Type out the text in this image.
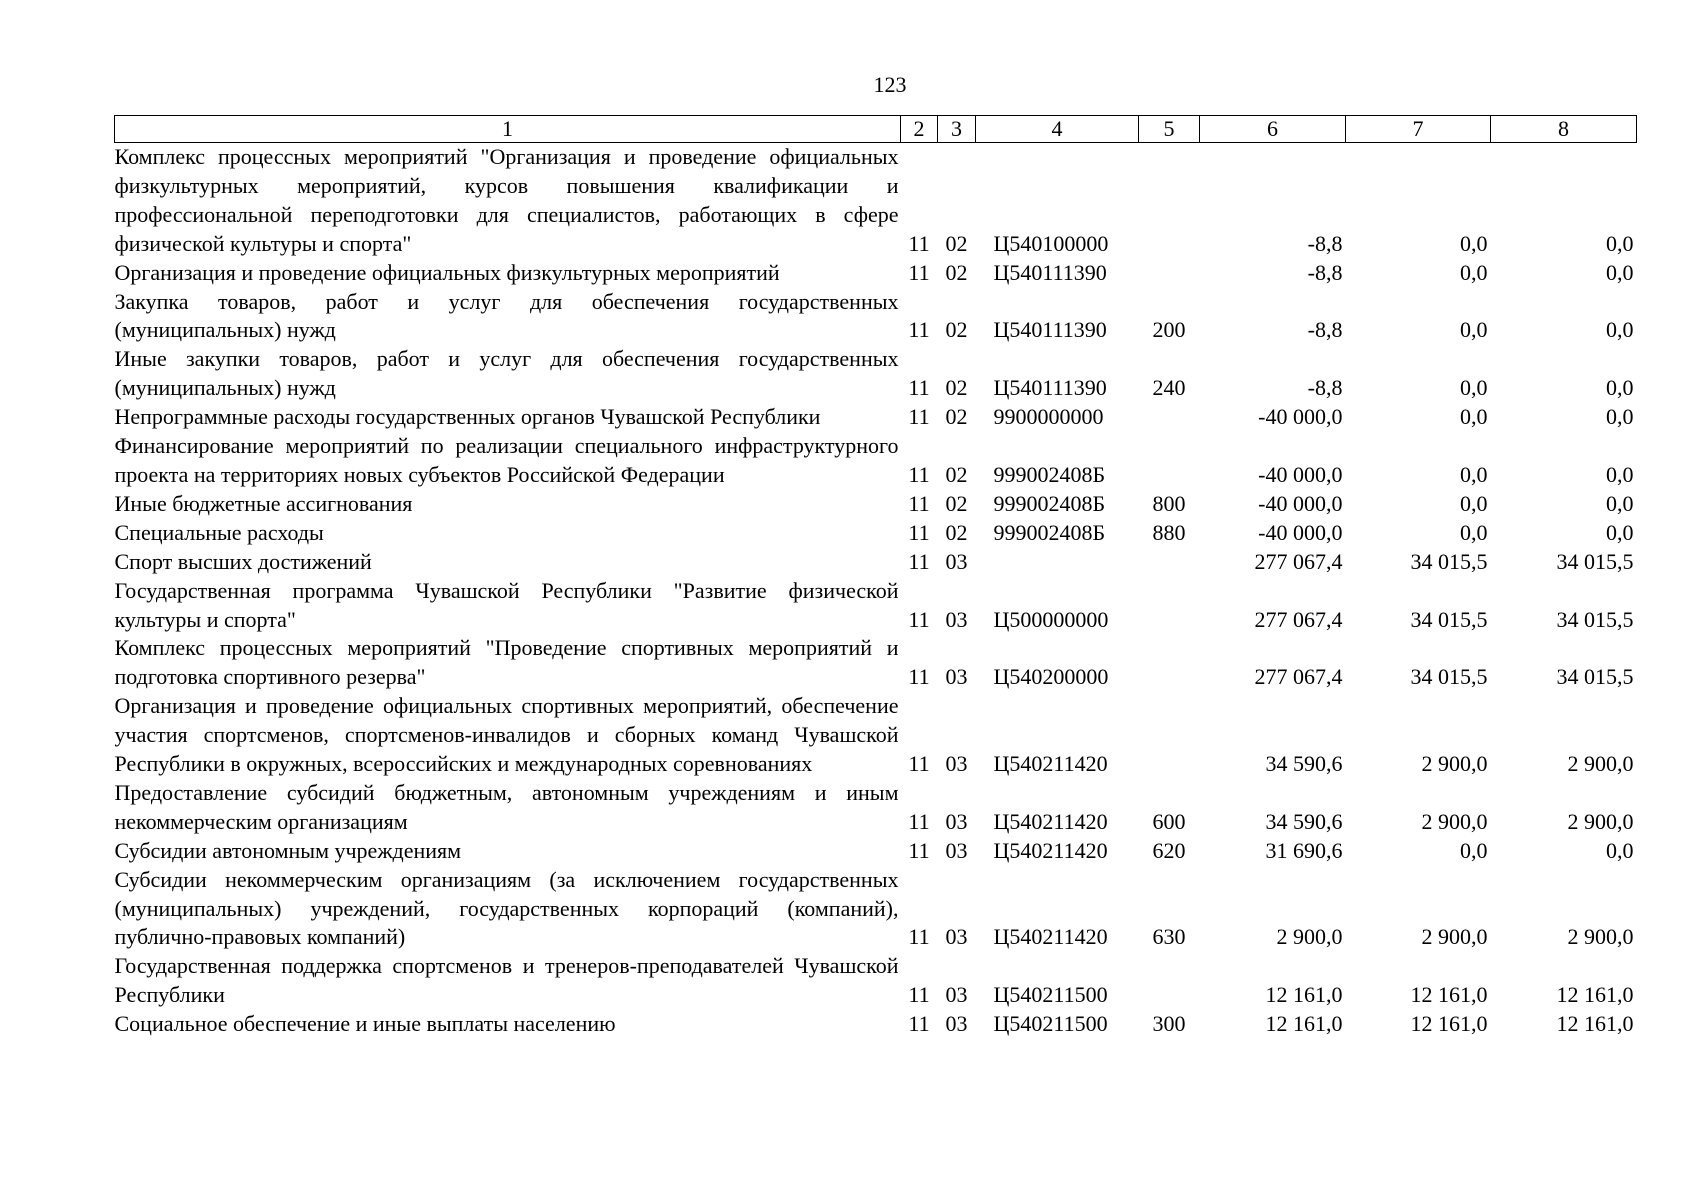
123
1	2	3	4	5	6	7	8
Комплекс процессных мероприятий "Организация и проведение официальных физкультурных мероприятий, курсов повышения квалификации и профессиональной переподготовки для специалистов, работающих в сфере физической культуры и спорта"	11	02	Ц540100000		-8,8	0,0	0,0
Организация и проведение официальных физкультурных мероприятий	11	02	Ц540111390		-8,8	0,0	0,0
Закупка товаров, работ и услуг для обеспечения государственных (муниципальных) нужд	11	02	Ц540111390	200	-8,8	0,0	0,0
Иные закупки товаров, работ и услуг для обеспечения государственных (муниципальных) нужд	11	02	Ц540111390	240	-8,8	0,0	0,0
Непрограммные расходы государственных органов Чувашской Республики	11	02	9900000000		-40 000,0	0,0	0,0
Финансирование мероприятий по реализации специального инфраструктурного проекта на территориях новых субъектов Российской Федерации	11	02	999002408Б		-40 000,0	0,0	0,0
Иные бюджетные ассигнования	11	02	999002408Б	800	-40 000,0	0,0	0,0
Специальные расходы	11	02	999002408Б	880	-40 000,0	0,0	0,0
Спорт высших достижений	11	03			277 067,4	34 015,5	34 015,5
Государственная программа Чувашской Республики "Развитие физической культуры и спорта"	11	03	Ц500000000		277 067,4	34 015,5	34 015,5
Комплекс процессных мероприятий "Проведение спортивных мероприятий и подготовка спортивного резерва"	11	03	Ц540200000		277 067,4	34 015,5	34 015,5
Организация и проведение официальных спортивных мероприятий, обеспечение участия спортсменов, спортсменов-инвалидов и сборных команд Чувашской Республики в окружных, всероссийских и международных соревнованиях	11	03	Ц540211420		34 590,6	2 900,0	2 900,0
Предоставление субсидий бюджетным, автономным учреждениям и иным некоммерческим организациям	11	03	Ц540211420	600	34 590,6	2 900,0	2 900,0
Субсидии автономным учреждениям	11	03	Ц540211420	620	31 690,6	0,0	0,0
Субсидии некоммерческим организациям (за исключением государственных (муниципальных) учреждений, государственных корпораций (компаний), публично-правовых компаний)	11	03	Ц540211420	630	2 900,0	2 900,0	2 900,0
Государственная поддержка спортсменов и тренеров-преподавателей Чувашской Республики	11	03	Ц540211500		12 161,0	12 161,0	12 161,0
Социальное обеспечение и иные выплаты населению	11	03	Ц540211500	300	12 161,0	12 161,0	12 161,0
